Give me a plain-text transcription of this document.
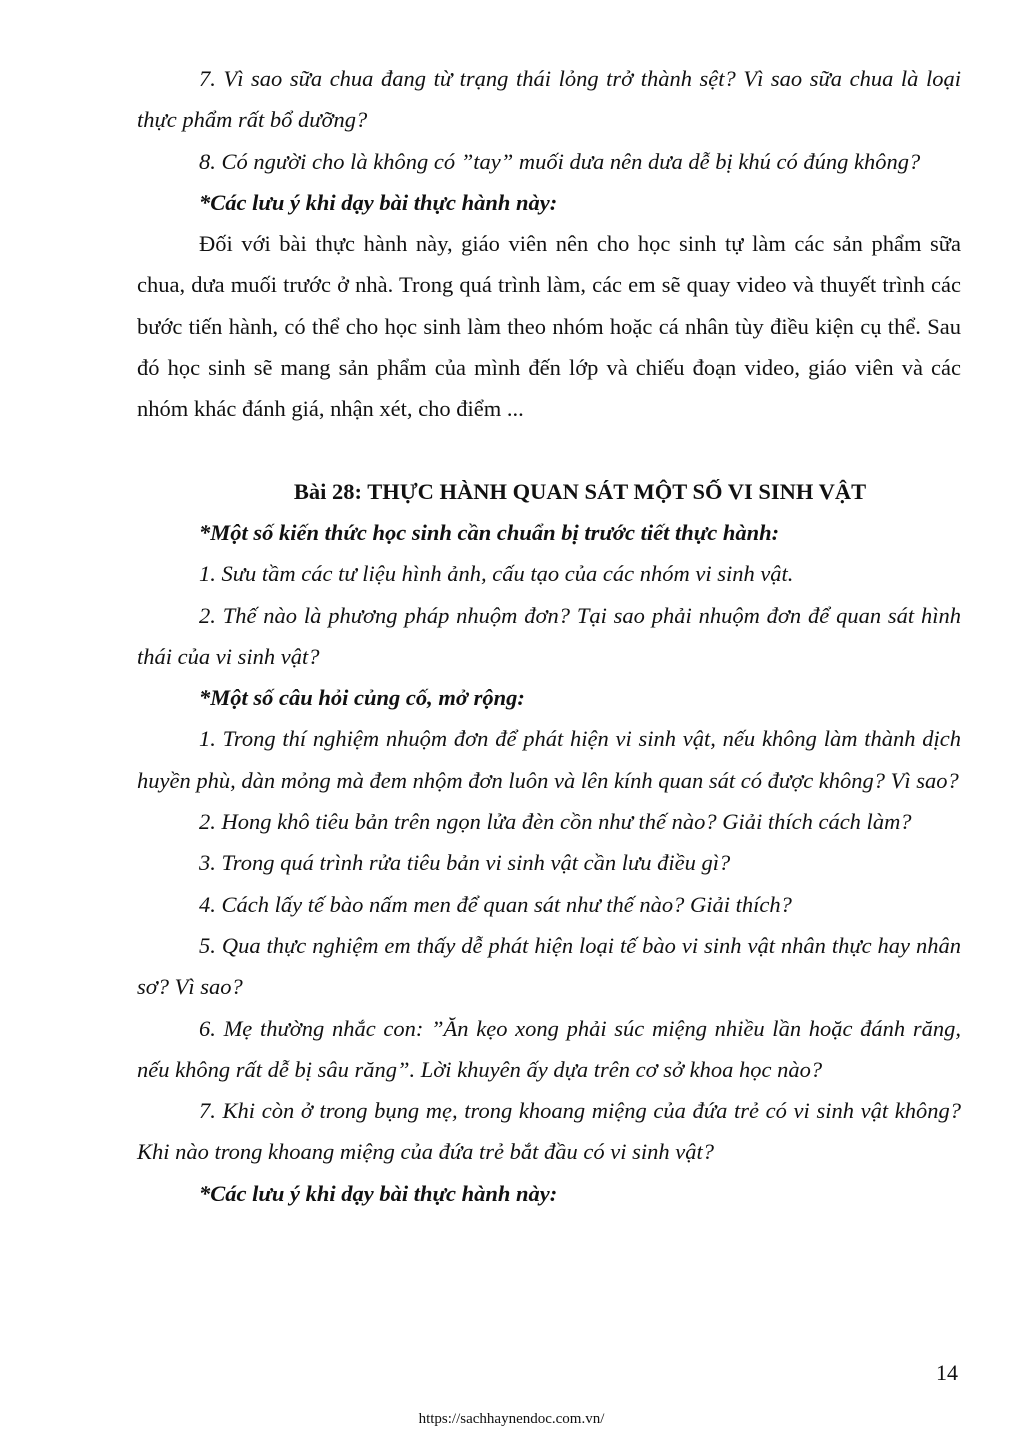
7. Vì sao sữa chua đang từ trạng thái lỏng trở thành sệt? Vì sao sữa chua là loại thực phẩm rất bổ dưỡng?

8. Có người cho là không có ”tay” muối dưa nên dưa dễ bị khú có đúng không?

*Các lưu ý khi dạy bài thực hành này:

Đối với bài thực hành này, giáo viên nên cho học sinh tự làm các sản phẩm sữa chua, dưa muối trước ở nhà. Trong quá trình làm, các em sẽ quay video và thuyết trình các bước tiến hành, có thể cho học sinh làm theo nhóm hoặc cá nhân tùy điều kiện cụ thể. Sau đó học sinh sẽ mang sản phẩm của mình đến lớp và chiếu đoạn video, giáo viên và các nhóm khác đánh giá, nhận xét, cho điểm ...

Bài 28: THỰC HÀNH QUAN SÁT MỘT SỐ VI SINH VẬT

*Một số kiến thức học sinh cần chuẩn bị trước tiết thực hành:

1. Sưu tầm các tư liệu hình ảnh, cấu tạo của các nhóm vi sinh vật.

2. Thế nào là phương pháp nhuộm đơn? Tại sao phải nhuộm đơn để quan sát hình thái của vi sinh vật?

*Một số câu hỏi củng cố, mở rộng:

1. Trong thí nghiệm nhuộm đơn để phát hiện vi sinh vật, nếu không làm thành dịch huyền phù, dàn mỏng mà đem nhộm đơn luôn và lên kính quan sát có được không? Vì sao?

2. Hong khô tiêu bản trên ngọn lửa đèn cồn như thế nào? Giải thích cách làm?

3. Trong quá trình rửa tiêu bản vi sinh vật cần lưu điều gì?

4. Cách lấy tế bào nấm men để quan sát như thế nào? Giải thích?

5. Qua thực nghiệm em thấy dễ phát hiện loại tế bào vi sinh vật nhân thực hay nhân sơ? Vì sao?

6. Mẹ thường nhắc con: ”Ăn kẹo xong phải súc miệng nhiều lần hoặc đánh răng, nếu không rất dễ bị sâu răng”. Lời khuyên ấy dựa trên cơ sở khoa học nào?

7. Khi còn ở trong bụng mẹ, trong khoang miệng của đứa trẻ có vi sinh vật không? Khi nào trong khoang miệng của đứa trẻ bắt đầu có vi sinh vật?

*Các lưu ý khi dạy bài thực hành này:

14
https://sachhaynendoc.com.vn/
